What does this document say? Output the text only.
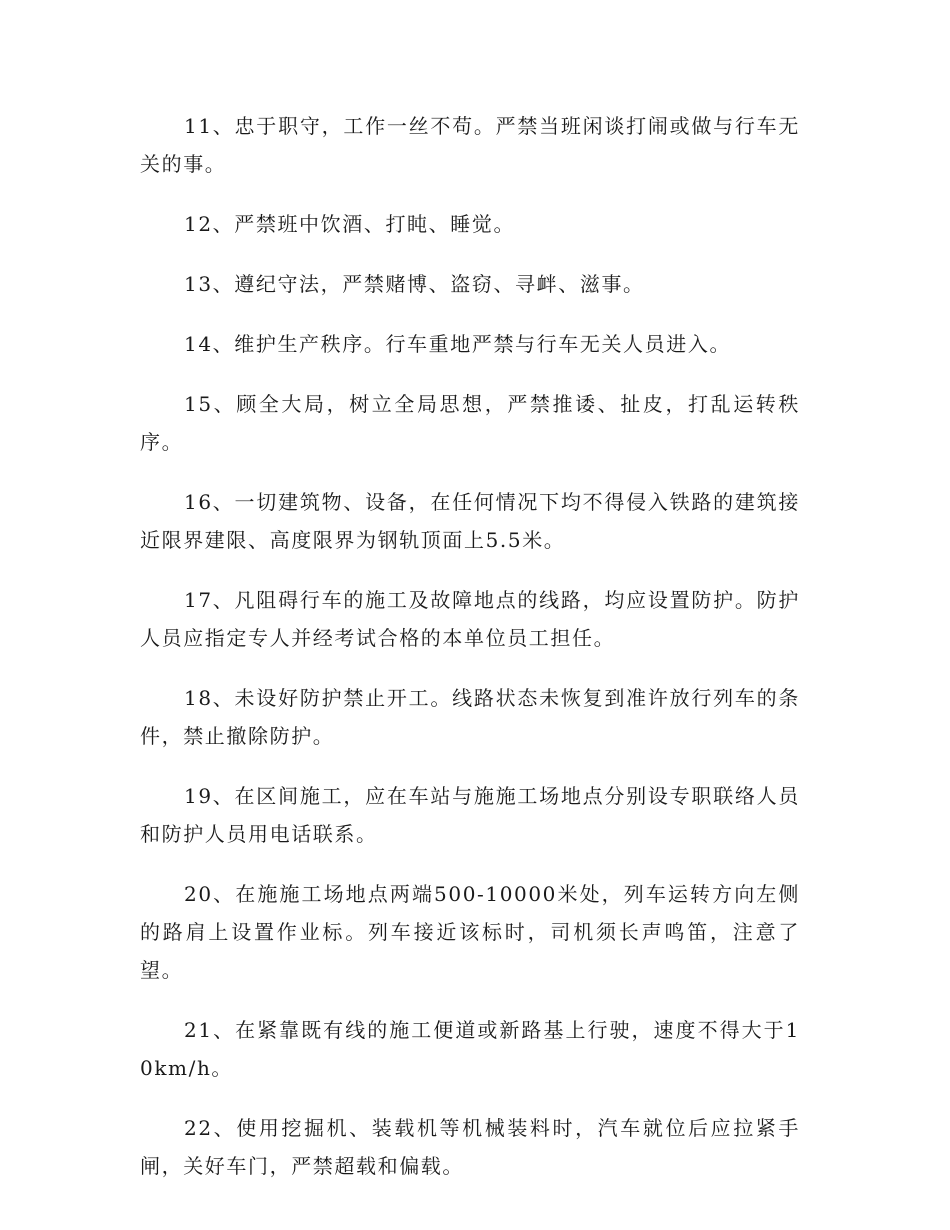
11、忠于职守，工作一丝不苟。严禁当班闲谈打闹或做与行车无关的事。

12、严禁班中饮酒、打盹、睡觉。

13、遵纪守法，严禁赌博、盗窃、寻衅、滋事。

14、维护生产秩序。行车重地严禁与行车无关人员进入。

15、顾全大局，树立全局思想，严禁推诿、扯皮，打乱运转秩序。

16、一切建筑物、设备，在任何情况下均不得侵入铁路的建筑接近限界建限、高度限界为钢轨顶面上5.5米。

17、凡阻碍行车的施工及故障地点的线路，均应设置防护。防护人员应指定专人并经考试合格的本单位员工担任。

18、未设好防护禁止开工。线路状态未恢复到准许放行列车的条件，禁止撤除防护。

19、在区间施工，应在车站与施施工场地点分别设专职联络人员和防护人员用电话联系。

20、在施施工场地点两端500-10000米处，列车运转方向左侧的路肩上设置作业标。列车接近该标时，司机须长声鸣笛，注意了望。

21、在紧靠既有线的施工便道或新路基上行驶，速度不得大于10km/h。

22、使用挖掘机、装载机等机械装料时，汽车就位后应拉紧手闸，关好车门，严禁超载和偏载。
